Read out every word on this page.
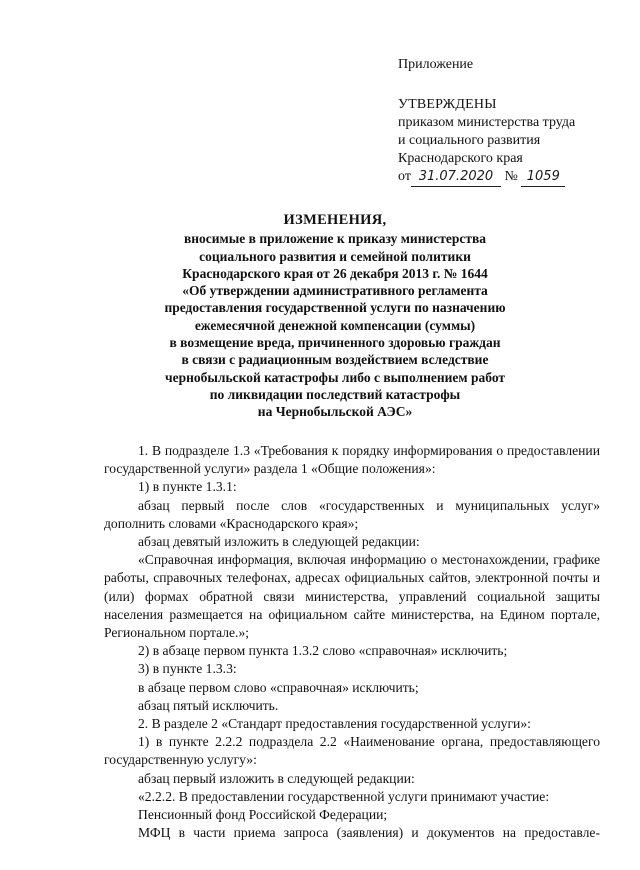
Приложение
УТВЕРЖДЕНЫ
приказом министерства труда
и социального развития
Краснодарского края
от 31.07.2020 № 1059
ИЗМЕНЕНИЯ,
вносимые в приложение к приказу министерства
социального развития и семейной политики
Краснодарского края от 26 декабря 2013 г. № 1644
«Об утверждении административного регламента
предоставления государственной услуги по назначению
ежемесячной денежной компенсации (суммы)
в возмещение вреда, причиненного здоровью граждан
в связи с радиационным воздействием вследствие
чернобыльской катастрофы либо с выполнением работ
по ликвидации последствий катастрофы
на Чернобыльской АЭС»

1. В подразделе 1.3 «Требования к порядку информирования о предоставлении государственной услуги» раздела 1 «Общие положения»:

1) в пункте 1.3.1:

абзац первый после слов «государственных и муниципальных услуг» дополнить словами «Краснодарского края»;

абзац девятый изложить в следующей редакции:

«Справочная информация, включая информацию о местонахождении, графике работы, справочных телефонах, адресах официальных сайтов, электронной почты и (или) формах обратной связи министерства, управлений социальной защиты населения размещается на официальном сайте министерства, на Едином портале, Региональном портале.»;

2) в абзаце первом пункта 1.3.2 слово «справочная» исключить;

3) в пункте 1.3.3:

в абзаце первом слово «справочная» исключить;

абзац пятый исключить.

2. В разделе 2 «Стандарт предоставления государственной услуги»:

1) в пункте 2.2.2 подраздела 2.2 «Наименование органа, предоставляющего государственную услугу»:

абзац первый изложить в следующей редакции:

«2.2.2. В предоставлении государственной услуги принимают участие:

Пенсионный фонд Российской Федерации;

МФЦ в части приема запроса (заявления) и документов на предоставле-
